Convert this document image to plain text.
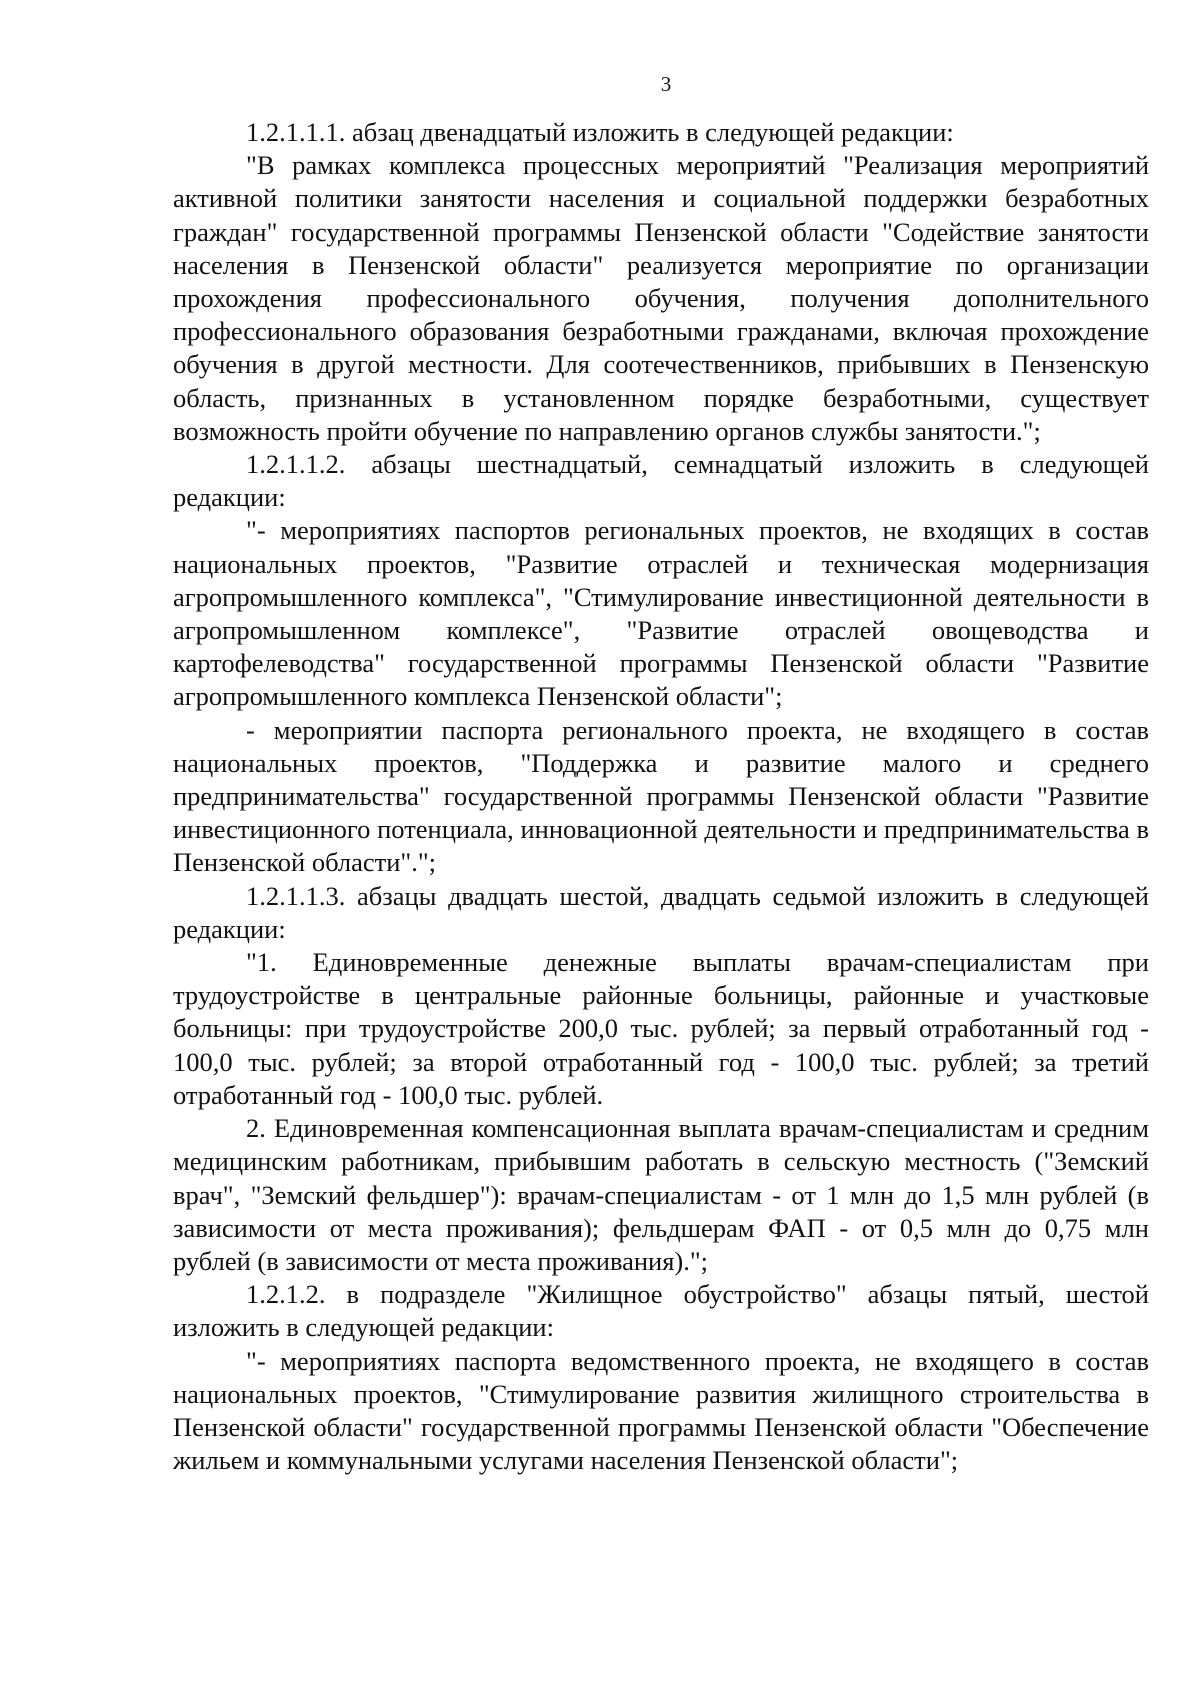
3

1.2.1.1.1. абзац двенадцатый изложить в следующей редакции:

"В рамках комплекса процессных мероприятий "Реализация мероприятий активной политики занятости населения и социальной поддержки безработных граждан" государственной программы Пензенской области "Содействие занятости населения в Пензенской области" реализуется мероприятие по организации прохождения профессионального обучения, получения дополнительного профессионального образования безработными гражданами, включая прохождение обучения в другой местности. Для соотечественников, прибывших в Пензенскую область, признанных в установленном порядке безработными, существует возможность пройти обучение по направлению органов службы занятости.";

1.2.1.1.2. абзацы шестнадцатый, семнадцатый изложить в следующей редакции:

"- мероприятиях паспортов региональных проектов, не входящих в состав национальных проектов, "Развитие отраслей и техническая модернизация агропромышленного комплекса", "Стимулирование инвестиционной деятельности в агропромышленном комплексе", "Развитие отраслей овощеводства и картофелеводства" государственной программы Пензенской области "Развитие агропромышленного комплекса Пензенской области";

- мероприятии паспорта регионального проекта, не входящего в состав национальных проектов, "Поддержка и развитие малого и среднего предпринимательства" государственной программы Пензенской области "Развитие инвестиционного потенциала, инновационной деятельности и предпринимательства в Пензенской области".";

1.2.1.1.3. абзацы двадцать шестой, двадцать седьмой изложить в следующей редакции:

"1. Единовременные денежные выплаты врачам-специалистам при трудоустройстве в центральные районные больницы, районные и участковые больницы: при трудоустройстве 200,0 тыс. рублей; за первый отработанный год - 100,0 тыс. рублей; за второй отработанный год - 100,0 тыс. рублей; за третий отработанный год - 100,0 тыс. рублей.

2. Единовременная компенсационная выплата врачам-специалистам и средним медицинским работникам, прибывшим работать в сельскую местность ("Земский врач", "Земский фельдшер"): врачам-специалистам - от 1 млн до 1,5 млн рублей (в зависимости от места проживания); фельдшерам ФАП - от 0,5 млн до 0,75 млн рублей (в зависимости от места проживания).";

1.2.1.2. в подразделе "Жилищное обустройство" абзацы пятый, шестой изложить в следующей редакции:

"- мероприятиях паспорта ведомственного проекта, не входящего в состав национальных проектов, "Стимулирование развития жилищного строительства в Пензенской области" государственной программы Пензенской области "Обеспечение жильем и коммунальными услугами населения Пензенской области";
